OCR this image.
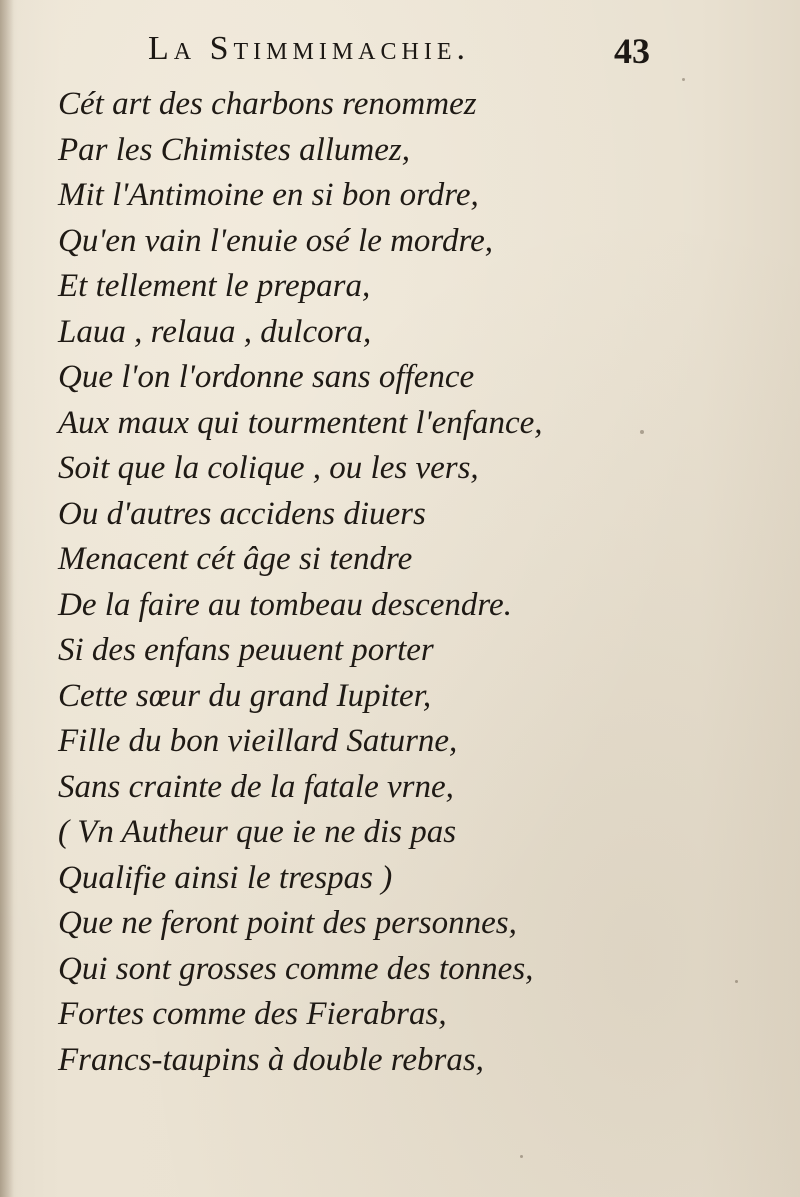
La Stimmimachie.	43
Cét art des charbons renommez
Par les Chimistes allumez,
Mit l'Antimoine en si bon ordre,
Qu'en vain l'enuie osé le mordre,
Et tellement le prepara,
Laua , relaua , dulcora,
Que l'on l'ordonne sans offence
Aux maux qui tourmentent l'enfance,
Soit que la colique , ou les vers,
Ou d'autres accidens diuers
Menacent cét âge si tendre
De la faire au tombeau descendre.
Si des enfans peuuent porter
Cette sœur du grand Iupiter,
Fille du bon vieillard Saturne,
Sans crainte de la fatale vrne,
( Vn Autheur que ie ne dis pas
Qualifie ainsi le trespas )
Que ne feront point des personnes,
Qui sont grosses comme des tonnes,
Fortes comme des Fierabras,
Francs-taupins à double rebras,
